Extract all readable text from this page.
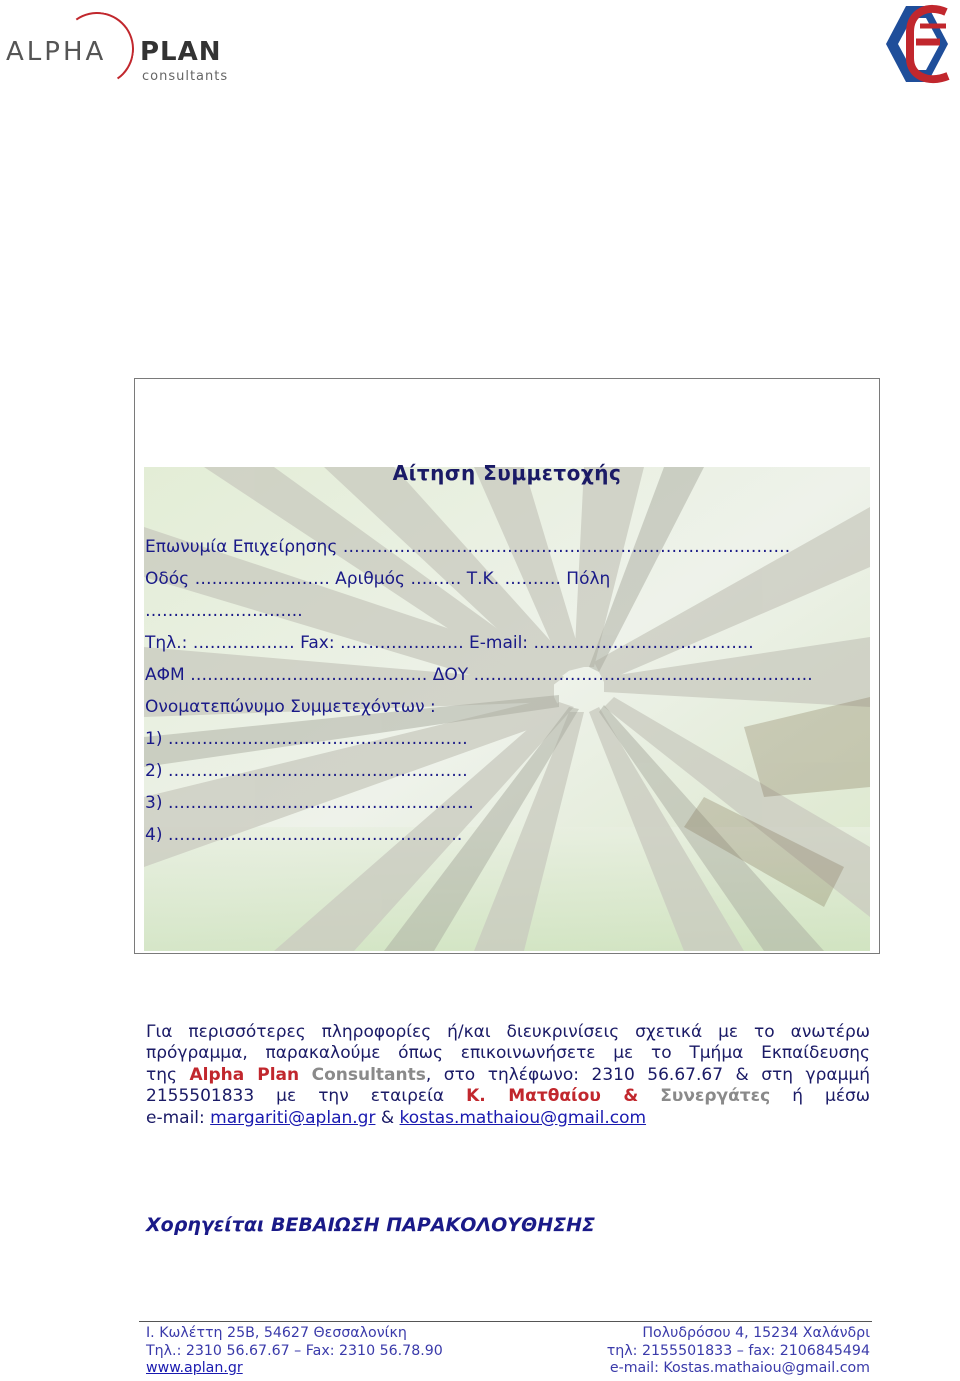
ALPHA PLAN
consultants
Αίτηση Συμμετοχής
Επωνυμία Επιχείρησης …………………………………………………………………….
Οδός ……………..……. Αριθμός ……… Τ.Κ. ………. Πόλη
………..……………..
Τηλ.: ……………… Fax: ……………...…. E-mail: ……………………..………….
ΑΦΜ …………………..………………. ΔΟΥ …………………………………..……………….
Ονοματεπώνυμο Συμμετεχόντων :
1) ……………………………………………..
2) ……………………………………………..
3) ………………………………………………
4) …………………………………………….
Για περισσότερες πληροφορίες ή/και διευκρινίσεις σχετικά με το ανωτέρω
πρόγραμμα, παρακαλούμε όπως επικοινωνήσετε με το Τμήμα Εκπαίδευσης
της Alpha Plan Consultants, στο τηλέφωνο: 2310 56.67.67 & στη γραμμή
2155501833 με την εταιρεία Κ. Ματθαίου & Συνεργάτες ή μέσω
e-mail: margariti@aplan.gr & kostas.mathaiou@gmail.com
Χορηγείται ΒΕΒΑΙΩΣΗ ΠΑΡΑΚΟΛΟΥΘΗΣΗΣ
Ι. Κωλέττη 25Β, 54627 Θεσσαλονίκη
Τηλ.: 2310 56.67.67 – Fax: 2310 56.78.90
www.aplan.gr
Πολυδρόσου 4, 15234 Χαλάνδρι
τηλ: 2155501833 – fax: 2106845494
e-mail: Kostas.mathaiou@gmail.com
